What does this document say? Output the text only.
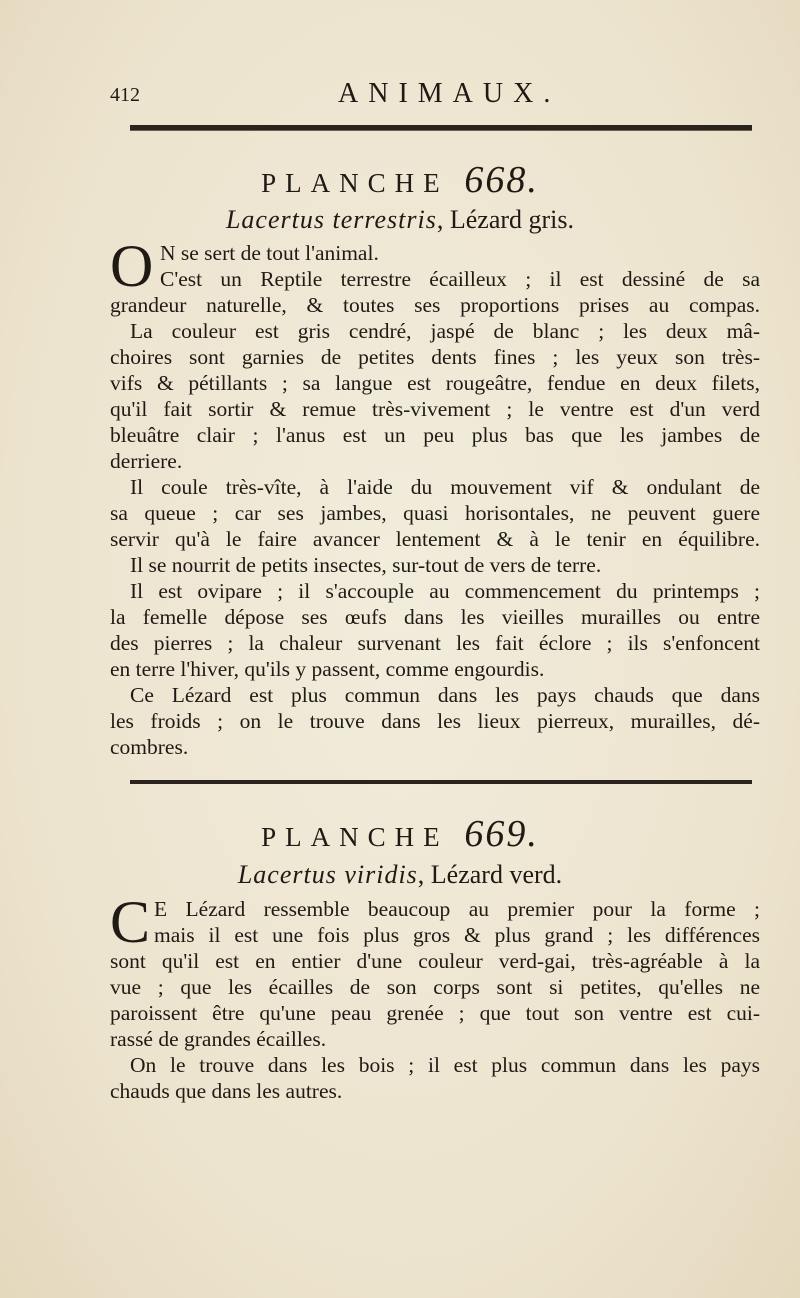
412	ANIMAUX.
PLANCHE 668.
Lacertus terrestris, Lézard gris.
O N se sert de tout l'animal.
C'est un Reptile terrestre écailleux ; il est dessiné de sa
grandeur naturelle, & toutes ses proportions prises au compas.
La couleur est gris cendré, jaspé de blanc ; les deux mâ-
choires sont garnies de petites dents fines ; les yeux son très-
vifs & pétillants ; sa langue est rougeâtre, fendue en deux filets,
qu'il fait sortir & remue très-vivement ; le ventre est d'un verd
bleuâtre clair ; l'anus est un peu plus bas que les jambes de
derriere.
Il coule très-vîte, à l'aide du mouvement vif & ondulant de
sa queue ; car ses jambes, quasi horisontales, ne peuvent guere
servir qu'à le faire avancer lentement & à le tenir en équilibre.
Il se nourrit de petits insectes, sur-tout de vers de terre.
Il est ovipare ; il s'accouple au commencement du printemps ;
la femelle dépose ses œufs dans les vieilles murailles ou entre
des pierres ; la chaleur survenant les fait éclore ; ils s'enfoncent
en terre l'hiver, qu'ils y passent, comme engourdis.
Ce Lézard est plus commun dans les pays chauds que dans
les froids ; on le trouve dans les lieux pierreux, murailles, dé-
combres.
PLANCHE 669.
Lacertus viridis, Lézard verd.
C E Lézard ressemble beaucoup au premier pour la forme ;
mais il est une fois plus gros & plus grand ; les différences
sont qu'il est en entier d'une couleur verd-gai, très-agréable à la
vue ; que les écailles de son corps sont si petites, qu'elles ne
paroissent être qu'une peau grenée ; que tout son ventre est cui-
rassé de grandes écailles.
On le trouve dans les bois ; il est plus commun dans les pays
chauds que dans les autres.
